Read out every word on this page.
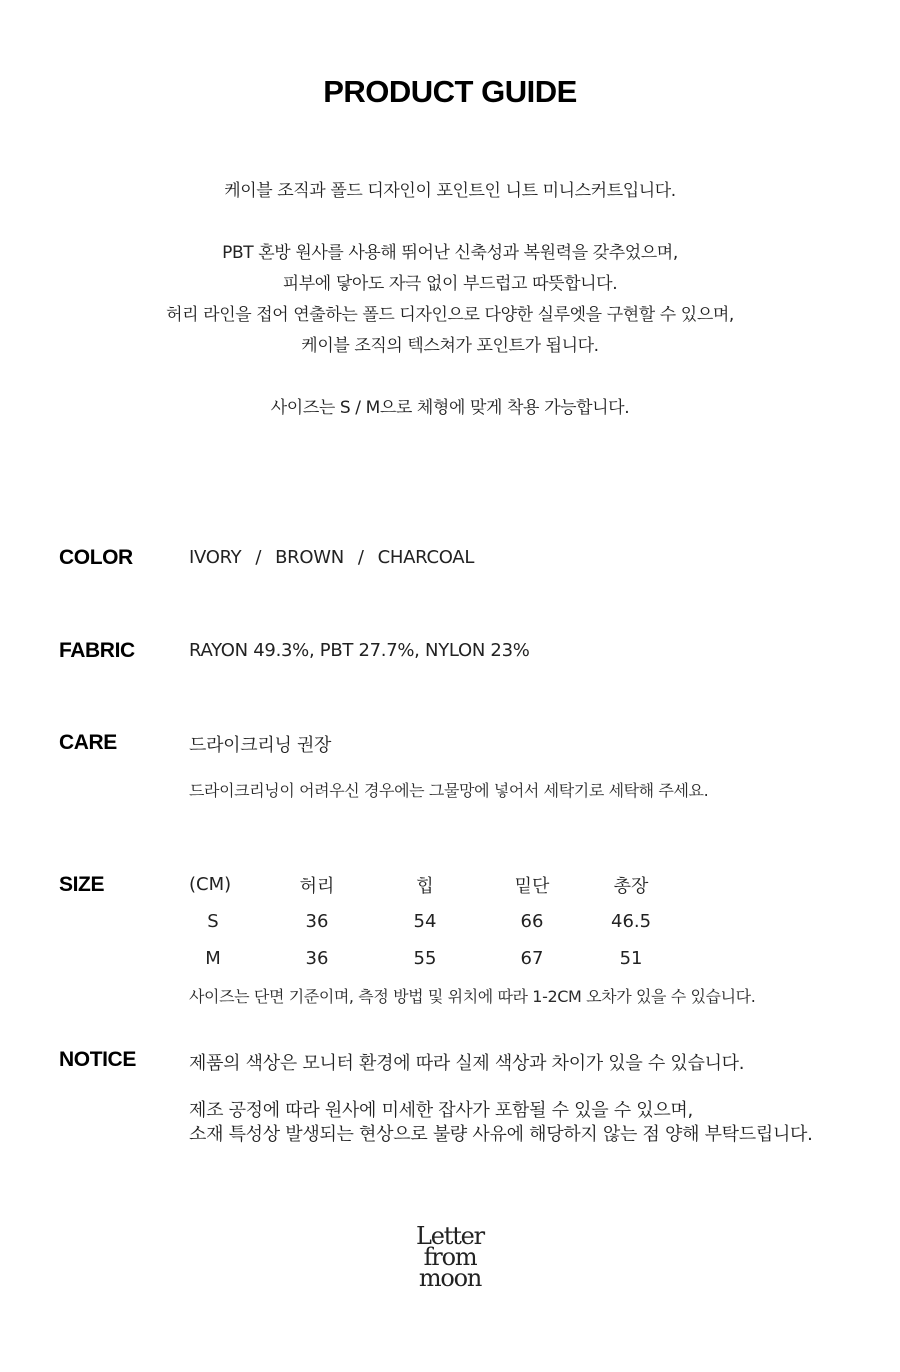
PRODUCT GUIDE
케이블 조직과 폴드 디자인이 포인트인 니트 미니스커트입니다.
PBT 혼방 원사를 사용해 뛰어난 신축성과 복원력을 갖추었으며,
피부에 닿아도 자극 없이 부드럽고 따뜻합니다.
허리 라인을 접어 연출하는 폴드 디자인으로 다양한 실루엣을 구현할 수 있으며,
케이블 조직의 텍스쳐가 포인트가 됩니다.
사이즈는 S / M으로 체형에 맞게 착용 가능합니다.
COLOR	IVORY / BROWN / CHARCOAL
FABRIC	RAYON 49.3%, PBT 27.7%, NYLON 23%
CARE	드라이크리닝 권장
드라이크리닝이 어려우신 경우에는 그물망에 넣어서 세탁기로 세탁해 주세요.
SIZE	(CM)	허리	힙	밑단	총장
S	36	54	66	46.5
M	36	55	67	51
사이즈는 단면 기준이며, 측정 방법 및 위치에 따라 1-2CM 오차가 있을 수 있습니다.
NOTICE	제품의 색상은 모니터 환경에 따라 실제 색상과 차이가 있을 수 있습니다.
제조 공정에 따라 원사에 미세한 잡사가 포함될 수 있을 수 있으며,
소재 특성상 발생되는 현상으로 불량 사유에 해당하지 않는 점 양해 부탁드립니다.
Letter
from
moon
